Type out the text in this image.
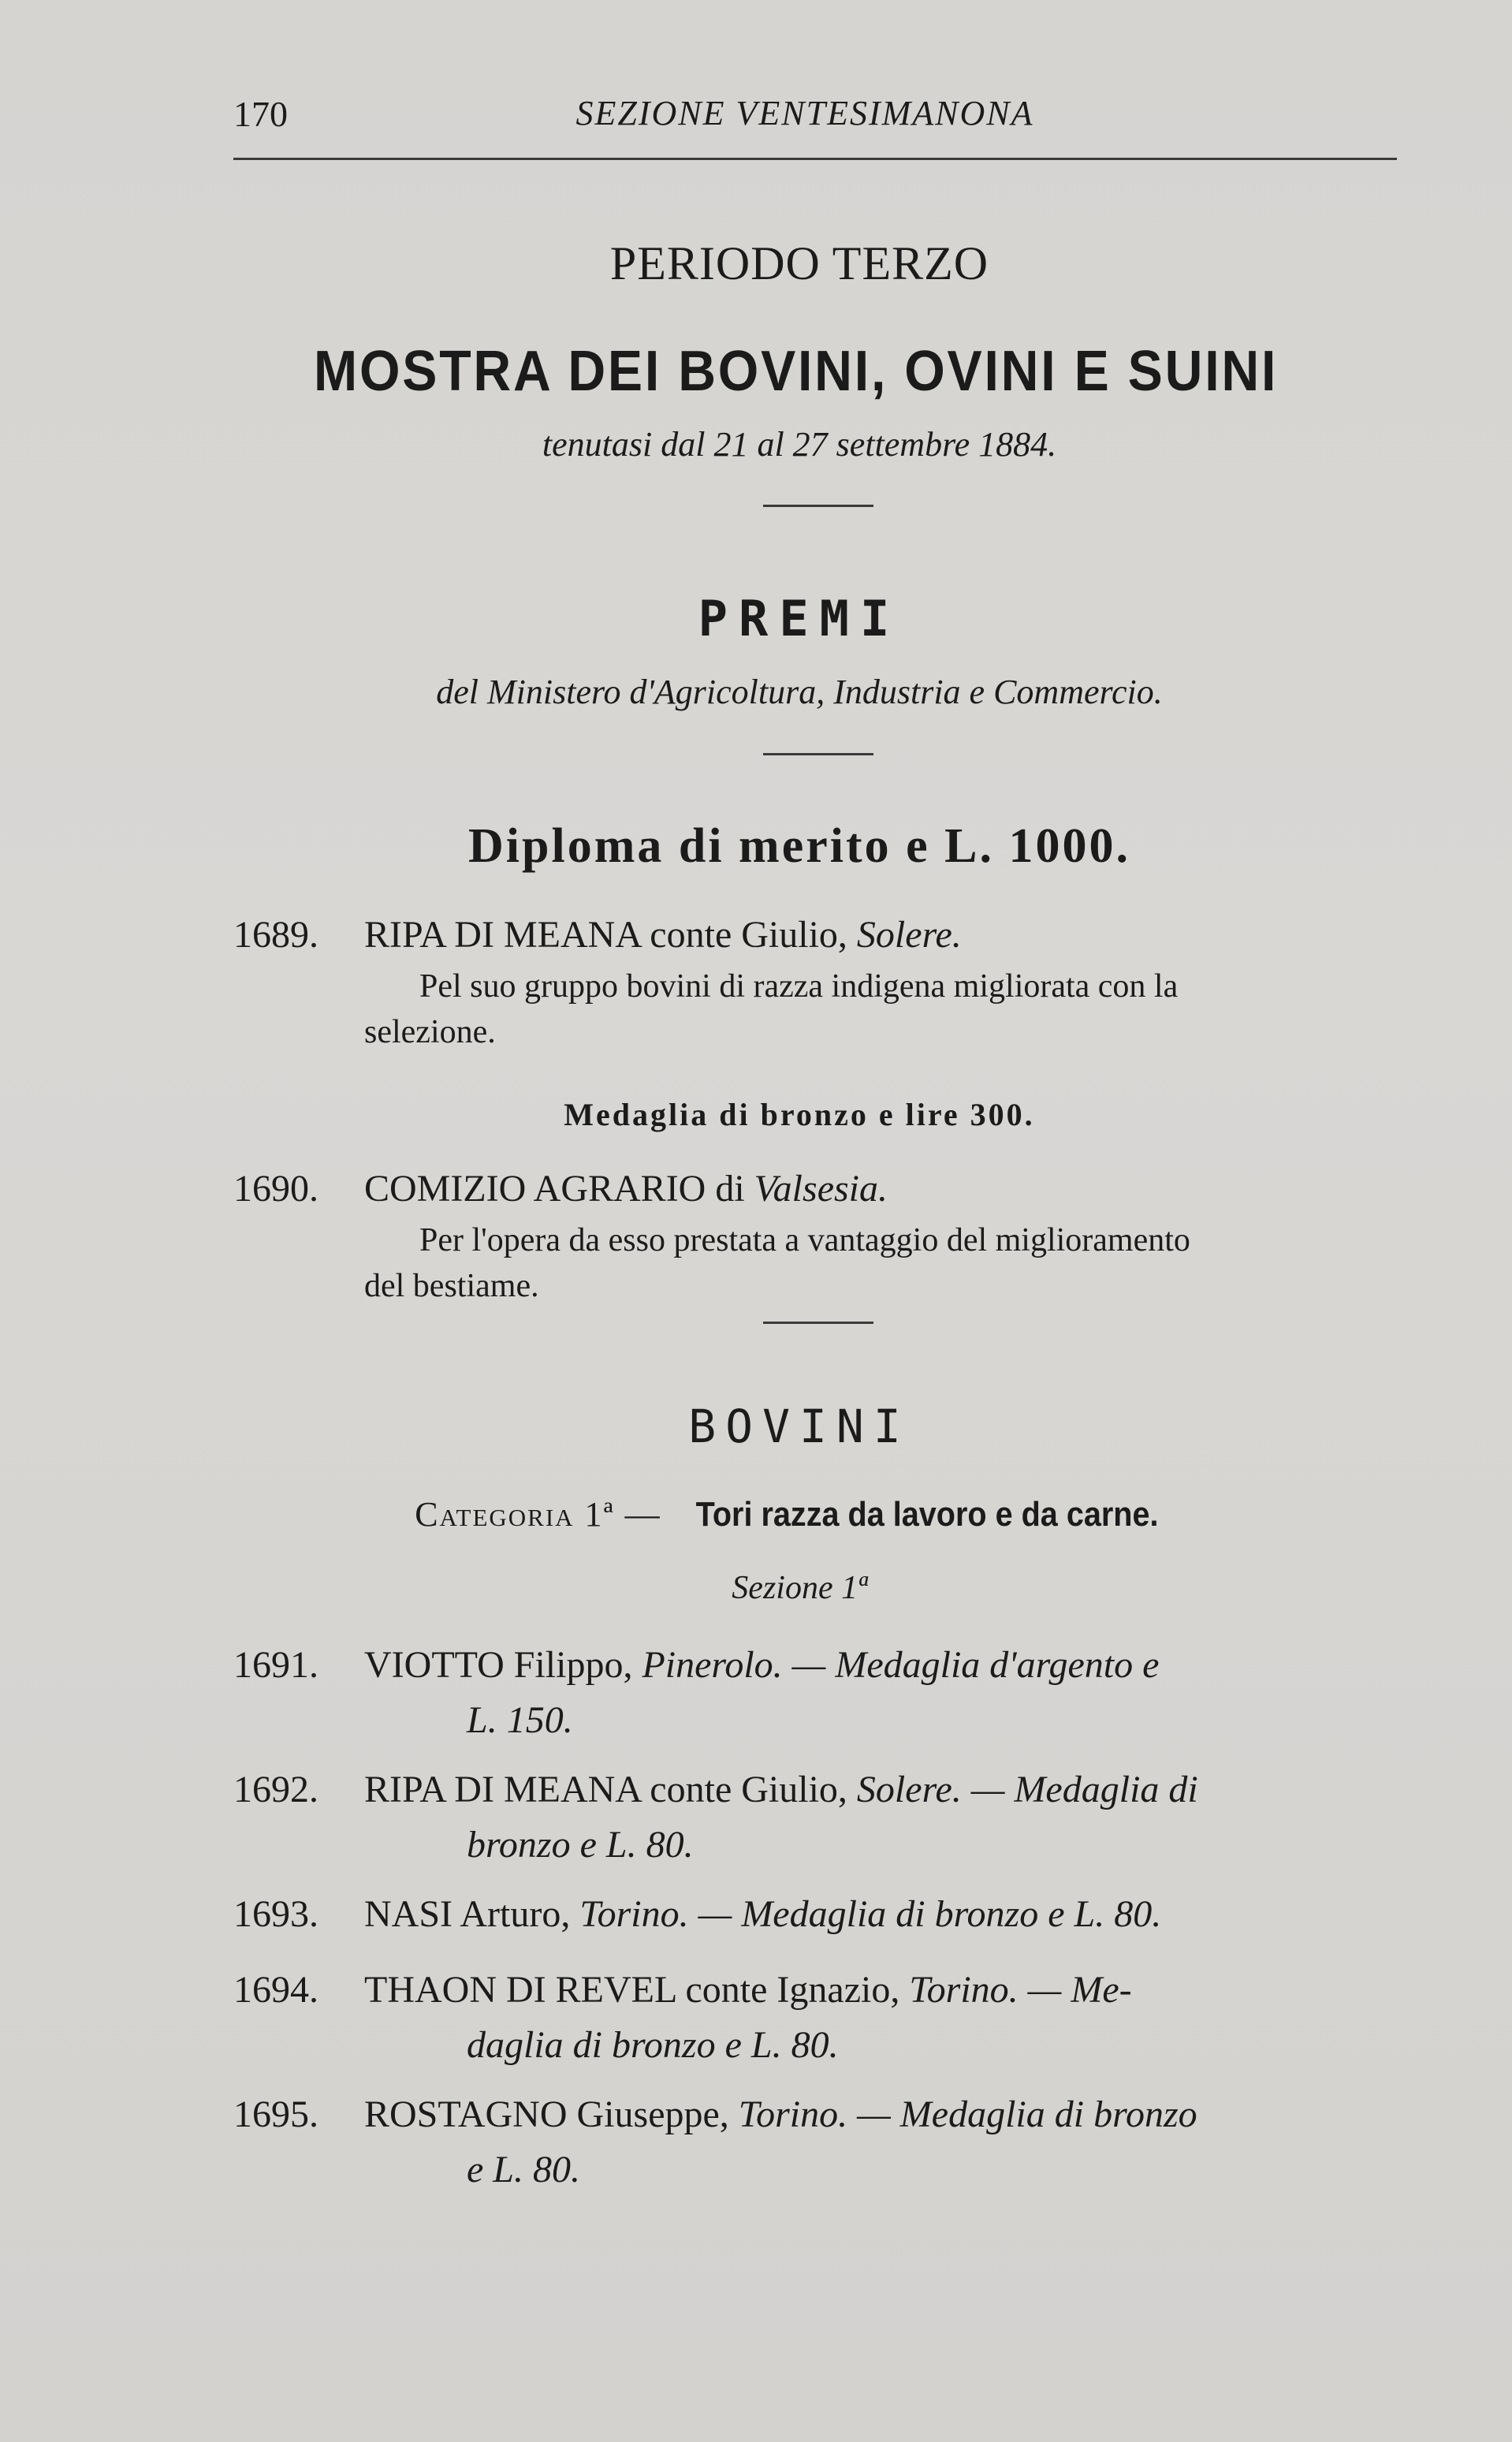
170	SEZIONE VENTESIMANONA
PERIODO TERZO
MOSTRA DEI BOVINI, OVINI E SUINI
tenutasi dal 21 al 27 settembre 1884.
PREMI
del Ministero d'Agricoltura, Industria e Commercio.
Diploma di merito e L. 1000.
1689. RIPA DI MEANA conte Giulio, Solere.
Pel suo gruppo bovini di razza indigena migliorata con la
selezione.
Medaglia di bronzo e lire 300.
1690. COMIZIO AGRARIO di Valsesia.
Per l'opera da esso prestata a vantaggio del miglioramento
del bestiame.
BOVINI
Categoria 1ª — Tori razza da lavoro e da carne.
Sezione 1ª
1691. VIOTTO Filippo, Pinerolo. — Medaglia d'argento e
L. 150.
1692. RIPA DI MEANA conte Giulio, Solere. — Medaglia di
bronzo e L. 80.
1693. NASI Arturo, Torino. — Medaglia di bronzo e L. 80.
1694. THAON DI REVEL conte Ignazio, Torino. — Me-
daglia di bronzo e L. 80.
1695. ROSTAGNO Giuseppe, Torino. — Medaglia di bronzo
e L. 80.
